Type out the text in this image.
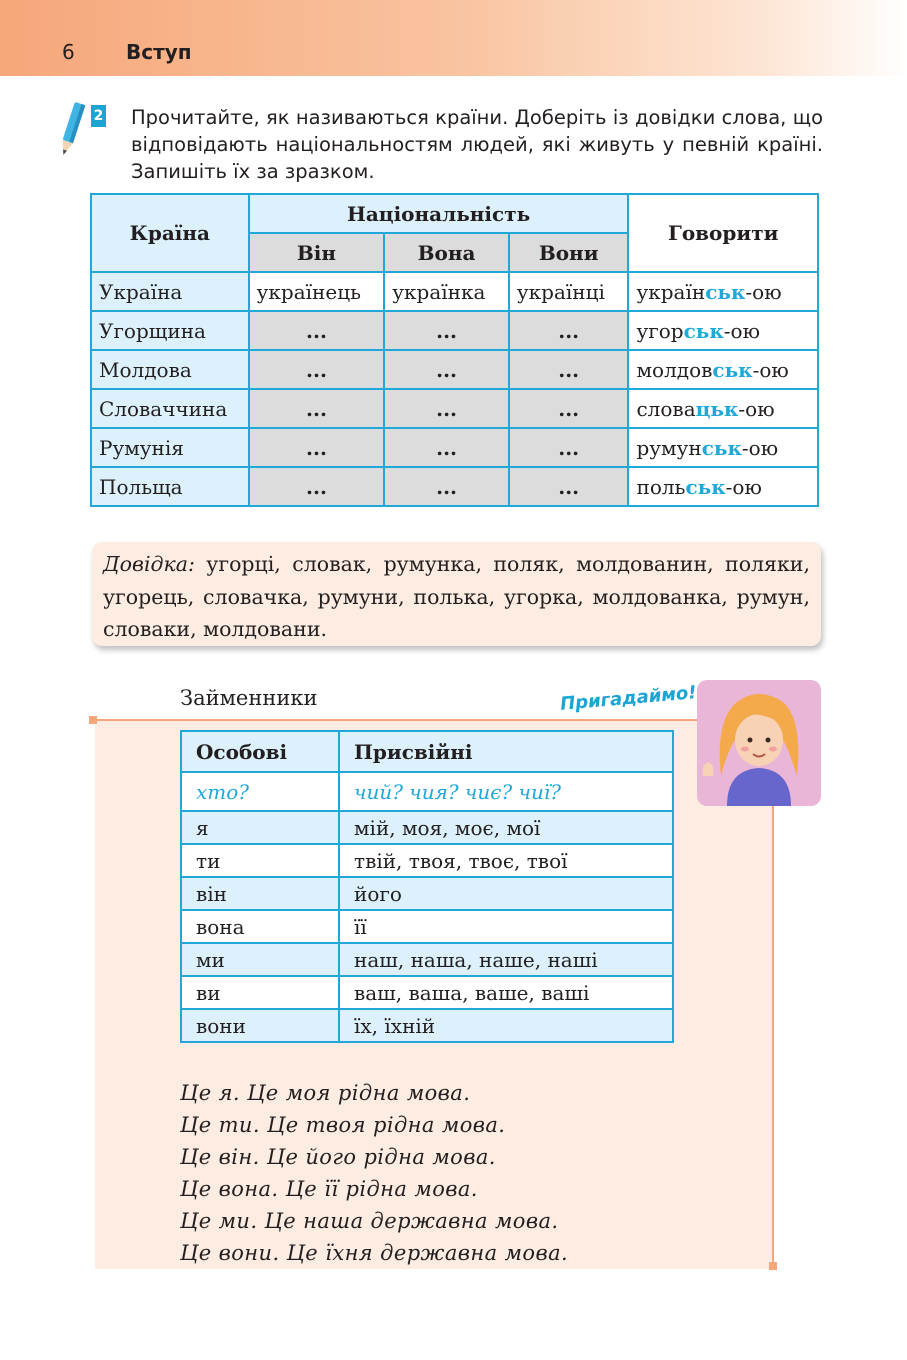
6	Вступ
2 Прочитайте, як називаються країни. Доберіть із довідки слова, що відповідають національностям людей, які живуть у певній країні. Запишіть їх за зразком.
Країна	Національність			Говорити
	Він	Вона	Вони	
Україна	українець	українка	українці	українськ-ою
Угорщина	...	...	...	угорськ-ою
Молдова	...	...	...	молдовськ-ою
Словаччина	...	...	...	словацьк-ою
Румунія	...	...	...	румунськ-ою
Польща	...	...	...	польськ-ою

Довідка: угорці, словак, румунка, поляк, молдованин, поляки, угорець, словачка, румуни, полька, угорка, молдованка, румун, словаки, молдовани.

Займенники	Пригадаймо!
Особові	Присвійні
хто?	чий? чия? чиє? чиї?
я	мій, моя, моє, мої
ти	твій, твоя, твоє, твої
він	його
вона	її
ми	наш, наша, наше, наші
ви	ваш, ваша, ваше, ваші
вони	їх, їхній
Це я. Це моя рідна мова.
Це ти. Це твоя рідна мова.
Це він. Це його рідна мова.
Це вона. Це її рідна мова.
Це ми. Це наша державна мова.
Це вони. Це їхня державна мова.
